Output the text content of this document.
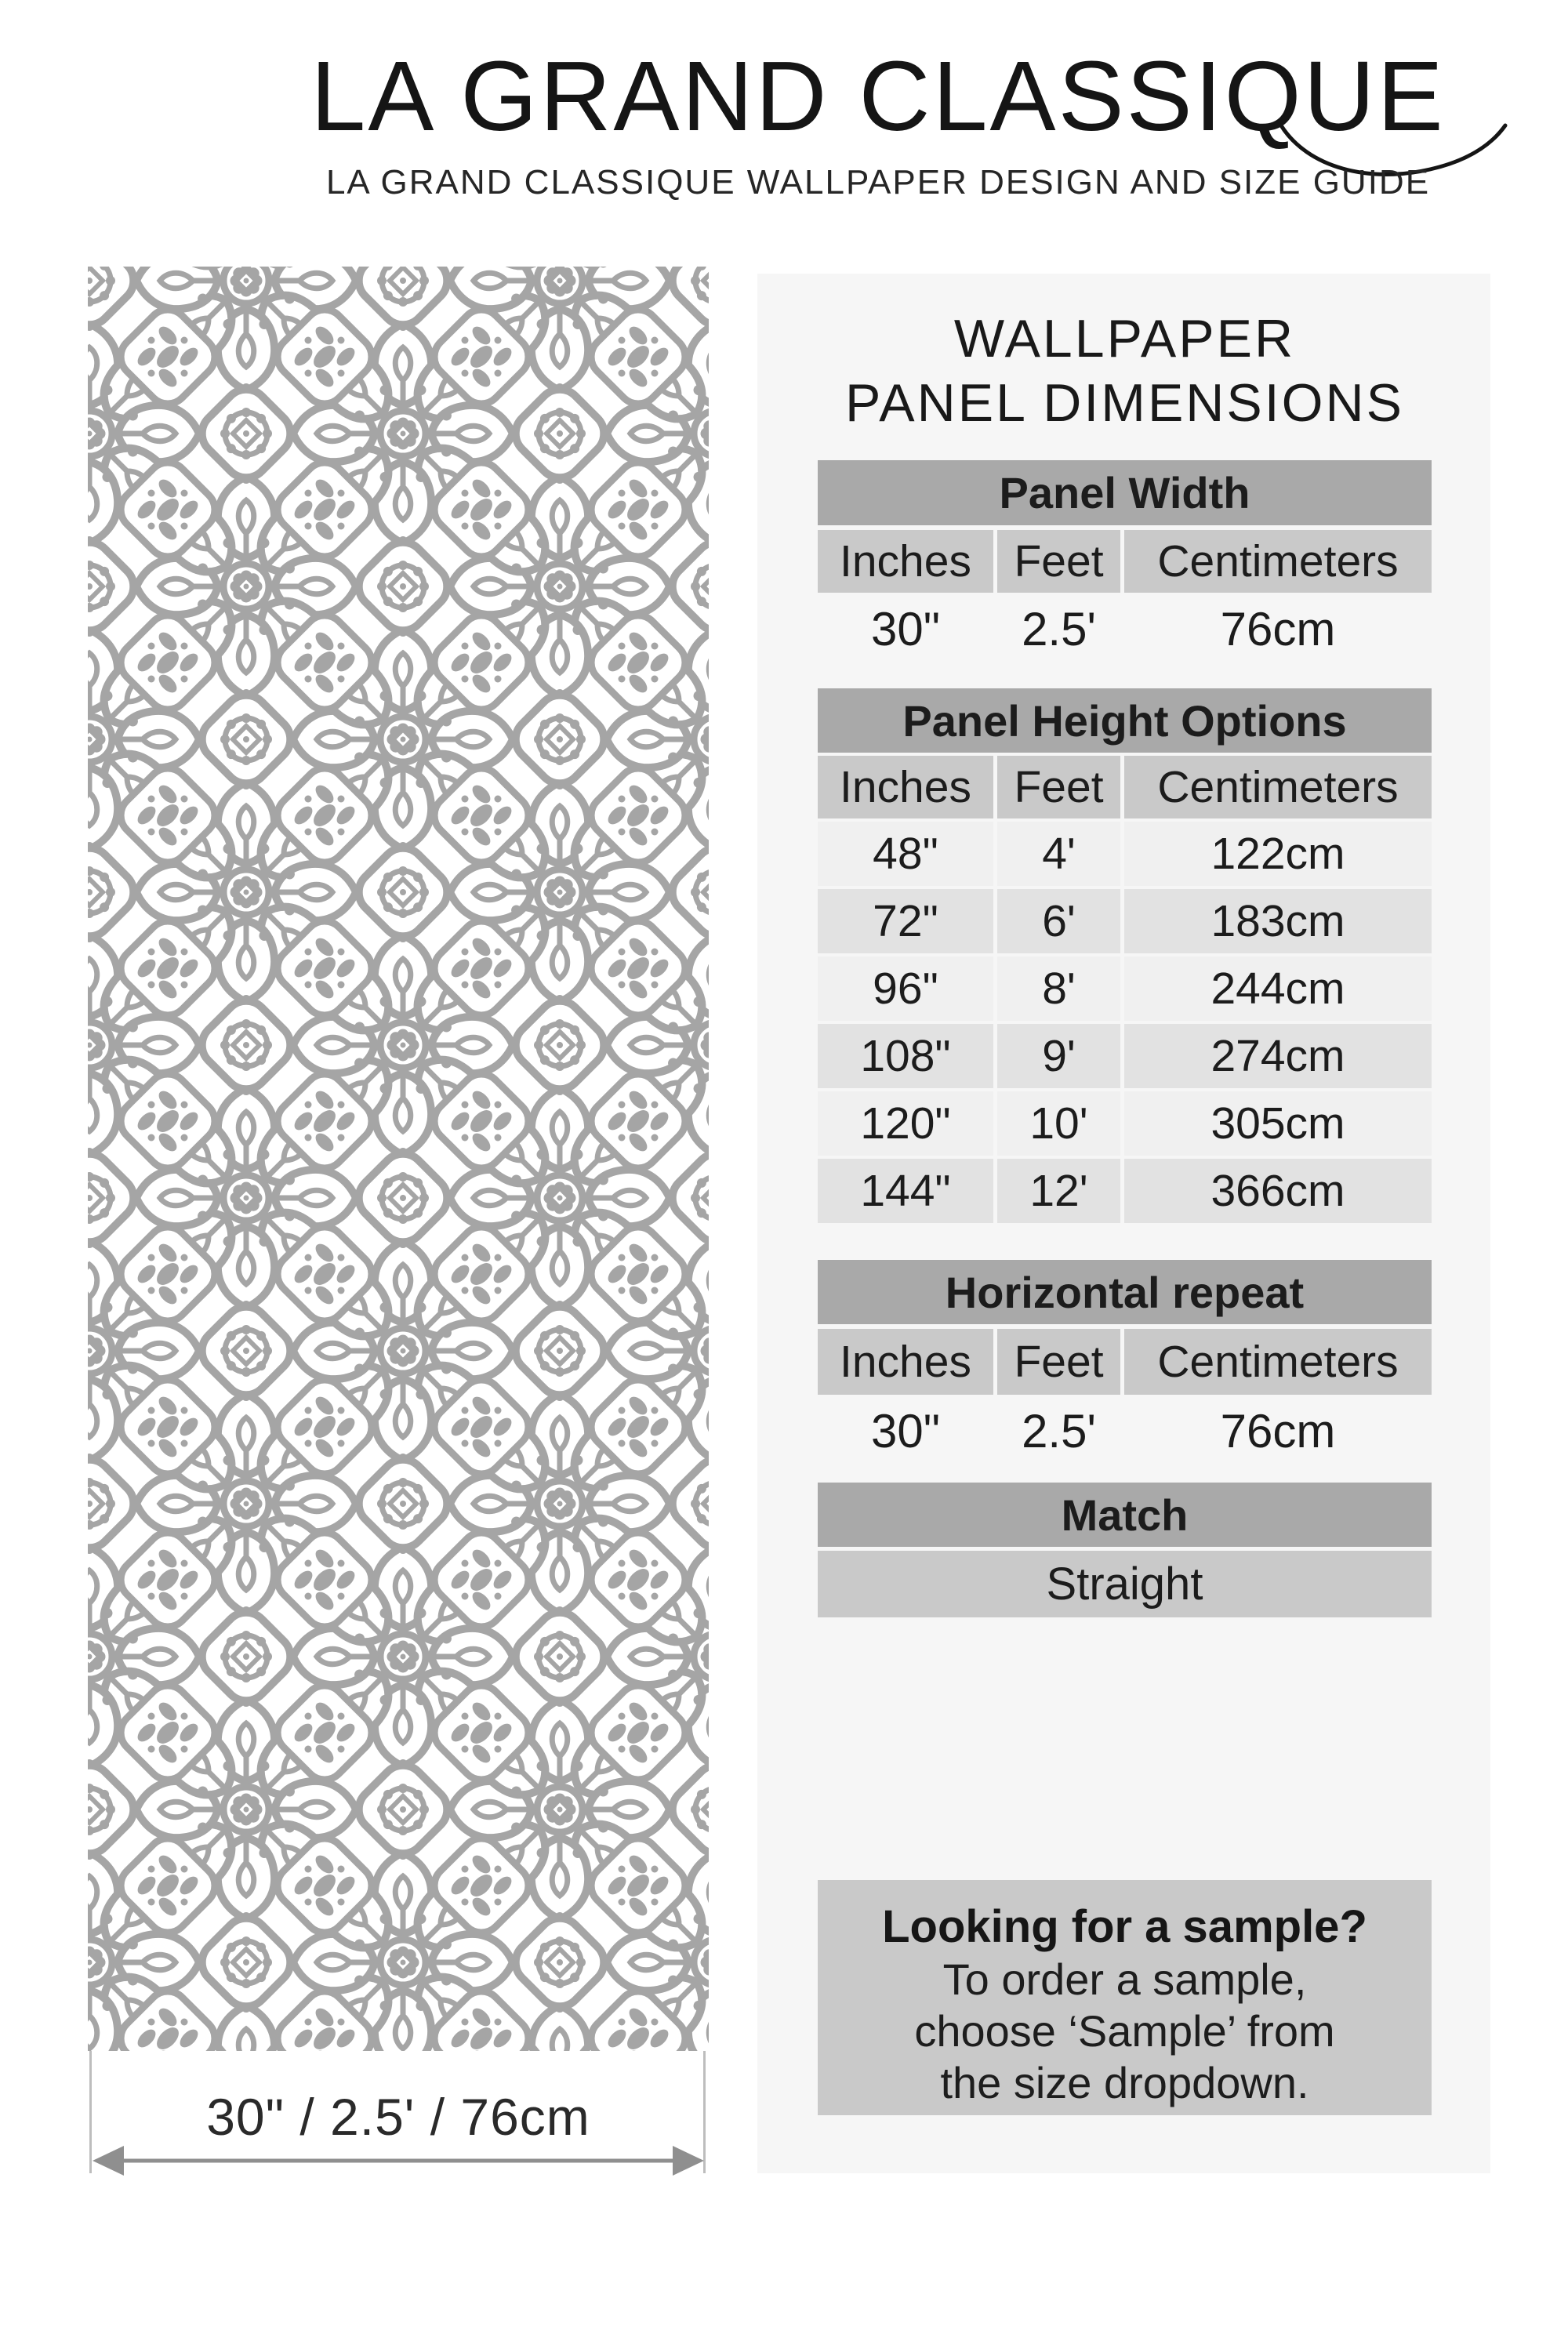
LA GRAND CLASSIQUE
LA GRAND CLASSIQUE WALLPAPER DESIGN AND SIZE GUIDE
30" / 2.5' / 76cm
WALLPAPER
PANEL DIMENSIONS
Panel Width
Inches Feet	Centimeters
30"	2.5'	76cm
Panel Height Options
Inches Feet	Centimeters
48"	4'	122cm
72"	6'	183cm
96"	8'	244cm
108"	9'	274cm
120"	10'	305cm
144"	12'	366cm
Horizontal repeat
Inches Feet	Centimeters
30"	2.5'	76cm
Match
Straight
Looking for a sample?
To order a sample,
choose ‘Sample’ from
the size dropdown.
